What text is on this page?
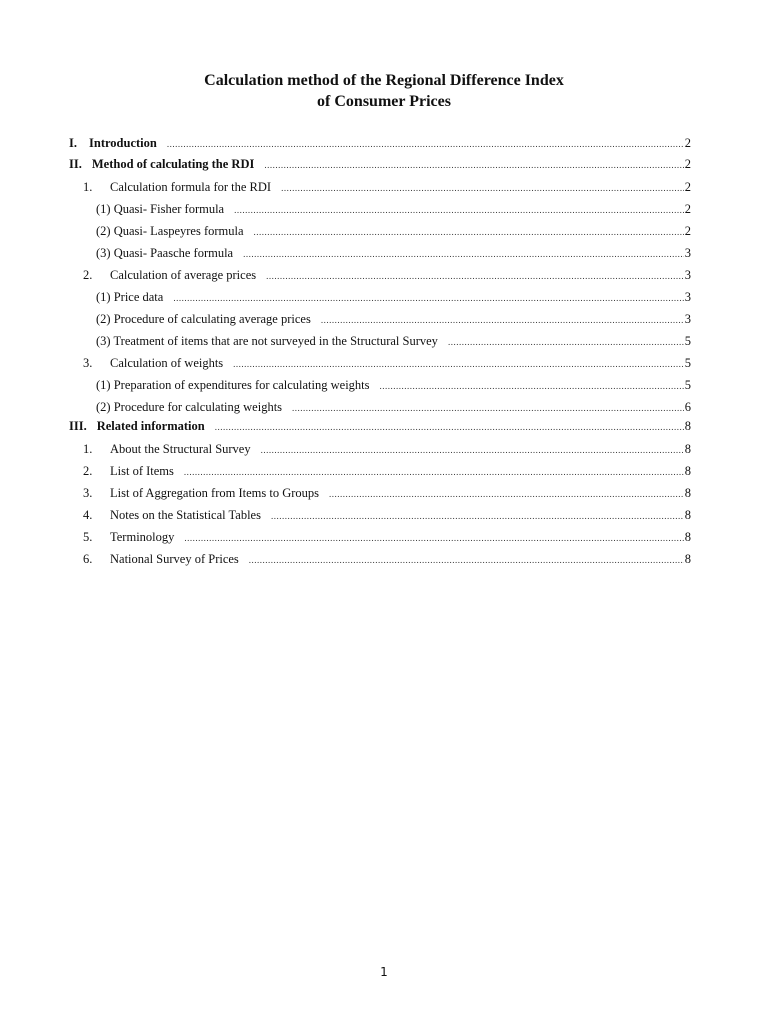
Calculation method of the Regional Difference Index
of Consumer Prices
I. Introduction .....	2
II. Method of calculating the RDI .....	2
1.	Calculation formula for the RDI .....	2
(1) Quasi- Fisher formula .....	2
(2) Quasi- Laspeyres formula .....	2
(3) Quasi- Paasche formula .....	3
2.	Calculation of average prices .....	3
(1) Price data .....	3
(2) Procedure of calculating average prices .....	3
(3) Treatment of items that are not surveyed in the Structural Survey .....	5
3.	Calculation of weights .....	5
(1) Preparation of expenditures for calculating weights .....	5
(2) Procedure for calculating weights .....	6
III. Related information .....	8
1.	About the Structural Survey .....	8
2.	List of Items .....	8
3.	List of Aggregation from Items to Groups .....	8
4.	Notes on the Statistical Tables .....	8
5.	Terminology .....	8
6.	National Survey of Prices .....	8
1
